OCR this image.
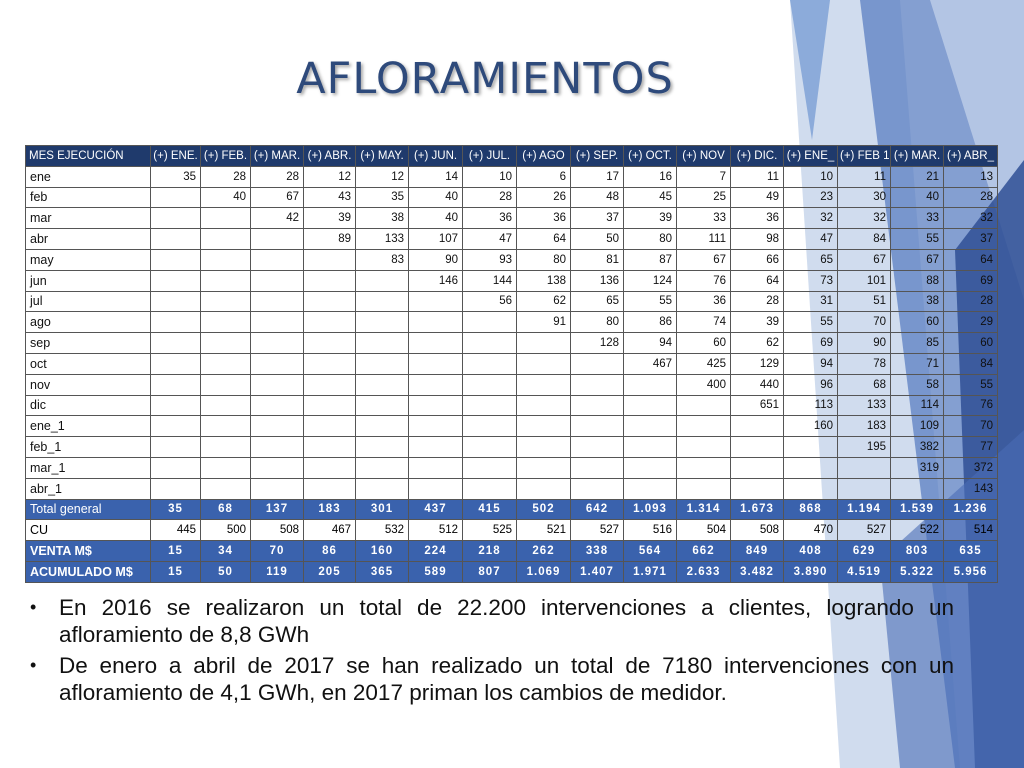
AFLORAMIENTOS
MES EJECUCIÓN	(+) ENE.	(+) FEB.	(+) MAR.	(+) ABR.	(+) MAY.	(+) JUN.	(+) JUL.	(+) AGO	(+) SEP.	(+) OCT.	(+) NOV	(+) DIC.	(+) ENE_	(+) FEB 1	(+) MAR.	(+) ABR_
ene	35	28	28	12	12	14	10	6	17	16	7	11	10	11	21	13
feb		40	67	43	35	40	28	26	48	45	25	49	23	30	40	28
mar			42	39	38	40	36	36	37	39	33	36	32	32	33	32
abr				89	133	107	47	64	50	80	111	98	47	84	55	37
may					83	90	93	80	81	87	67	66	65	67	67	64
jun						146	144	138	136	124	76	64	73	101	88	69
jul							56	62	65	55	36	28	31	51	38	28
ago								91	80	86	74	39	55	70	60	29
sep									128	94	60	62	69	90	85	60
oct										467	425	129	94	78	71	84
nov											400	440	96	68	58	55
dic												651	113	133	114	76
ene_1													160	183	109	70
feb_1														195	382	77
mar_1															319	372
abr_1																143
Total general	35	68	137	183	301	437	415	502	642	1.093	1.314	1.673	868	1.194	1.539	1.236
CU	445	500	508	467	532	512	525	521	527	516	504	508	470	527	522	514
VENTA M$	15	34	70	86	160	224	218	262	338	564	662	849	408	629	803	635
ACUMULADO M$	15	50	119	205	365	589	807	1.069	1.407	1.971	2.633	3.482	3.890	4.519	5.322	5.956
•	En 2016 se realizaron un total de 22.200 intervenciones a clientes, logrando un afloramiento de 8,8 GWh
•	De enero a abril de 2017 se han realizado un total de 7180 intervenciones con un afloramiento de 4,1 GWh, en 2017 priman los cambios de medidor.
